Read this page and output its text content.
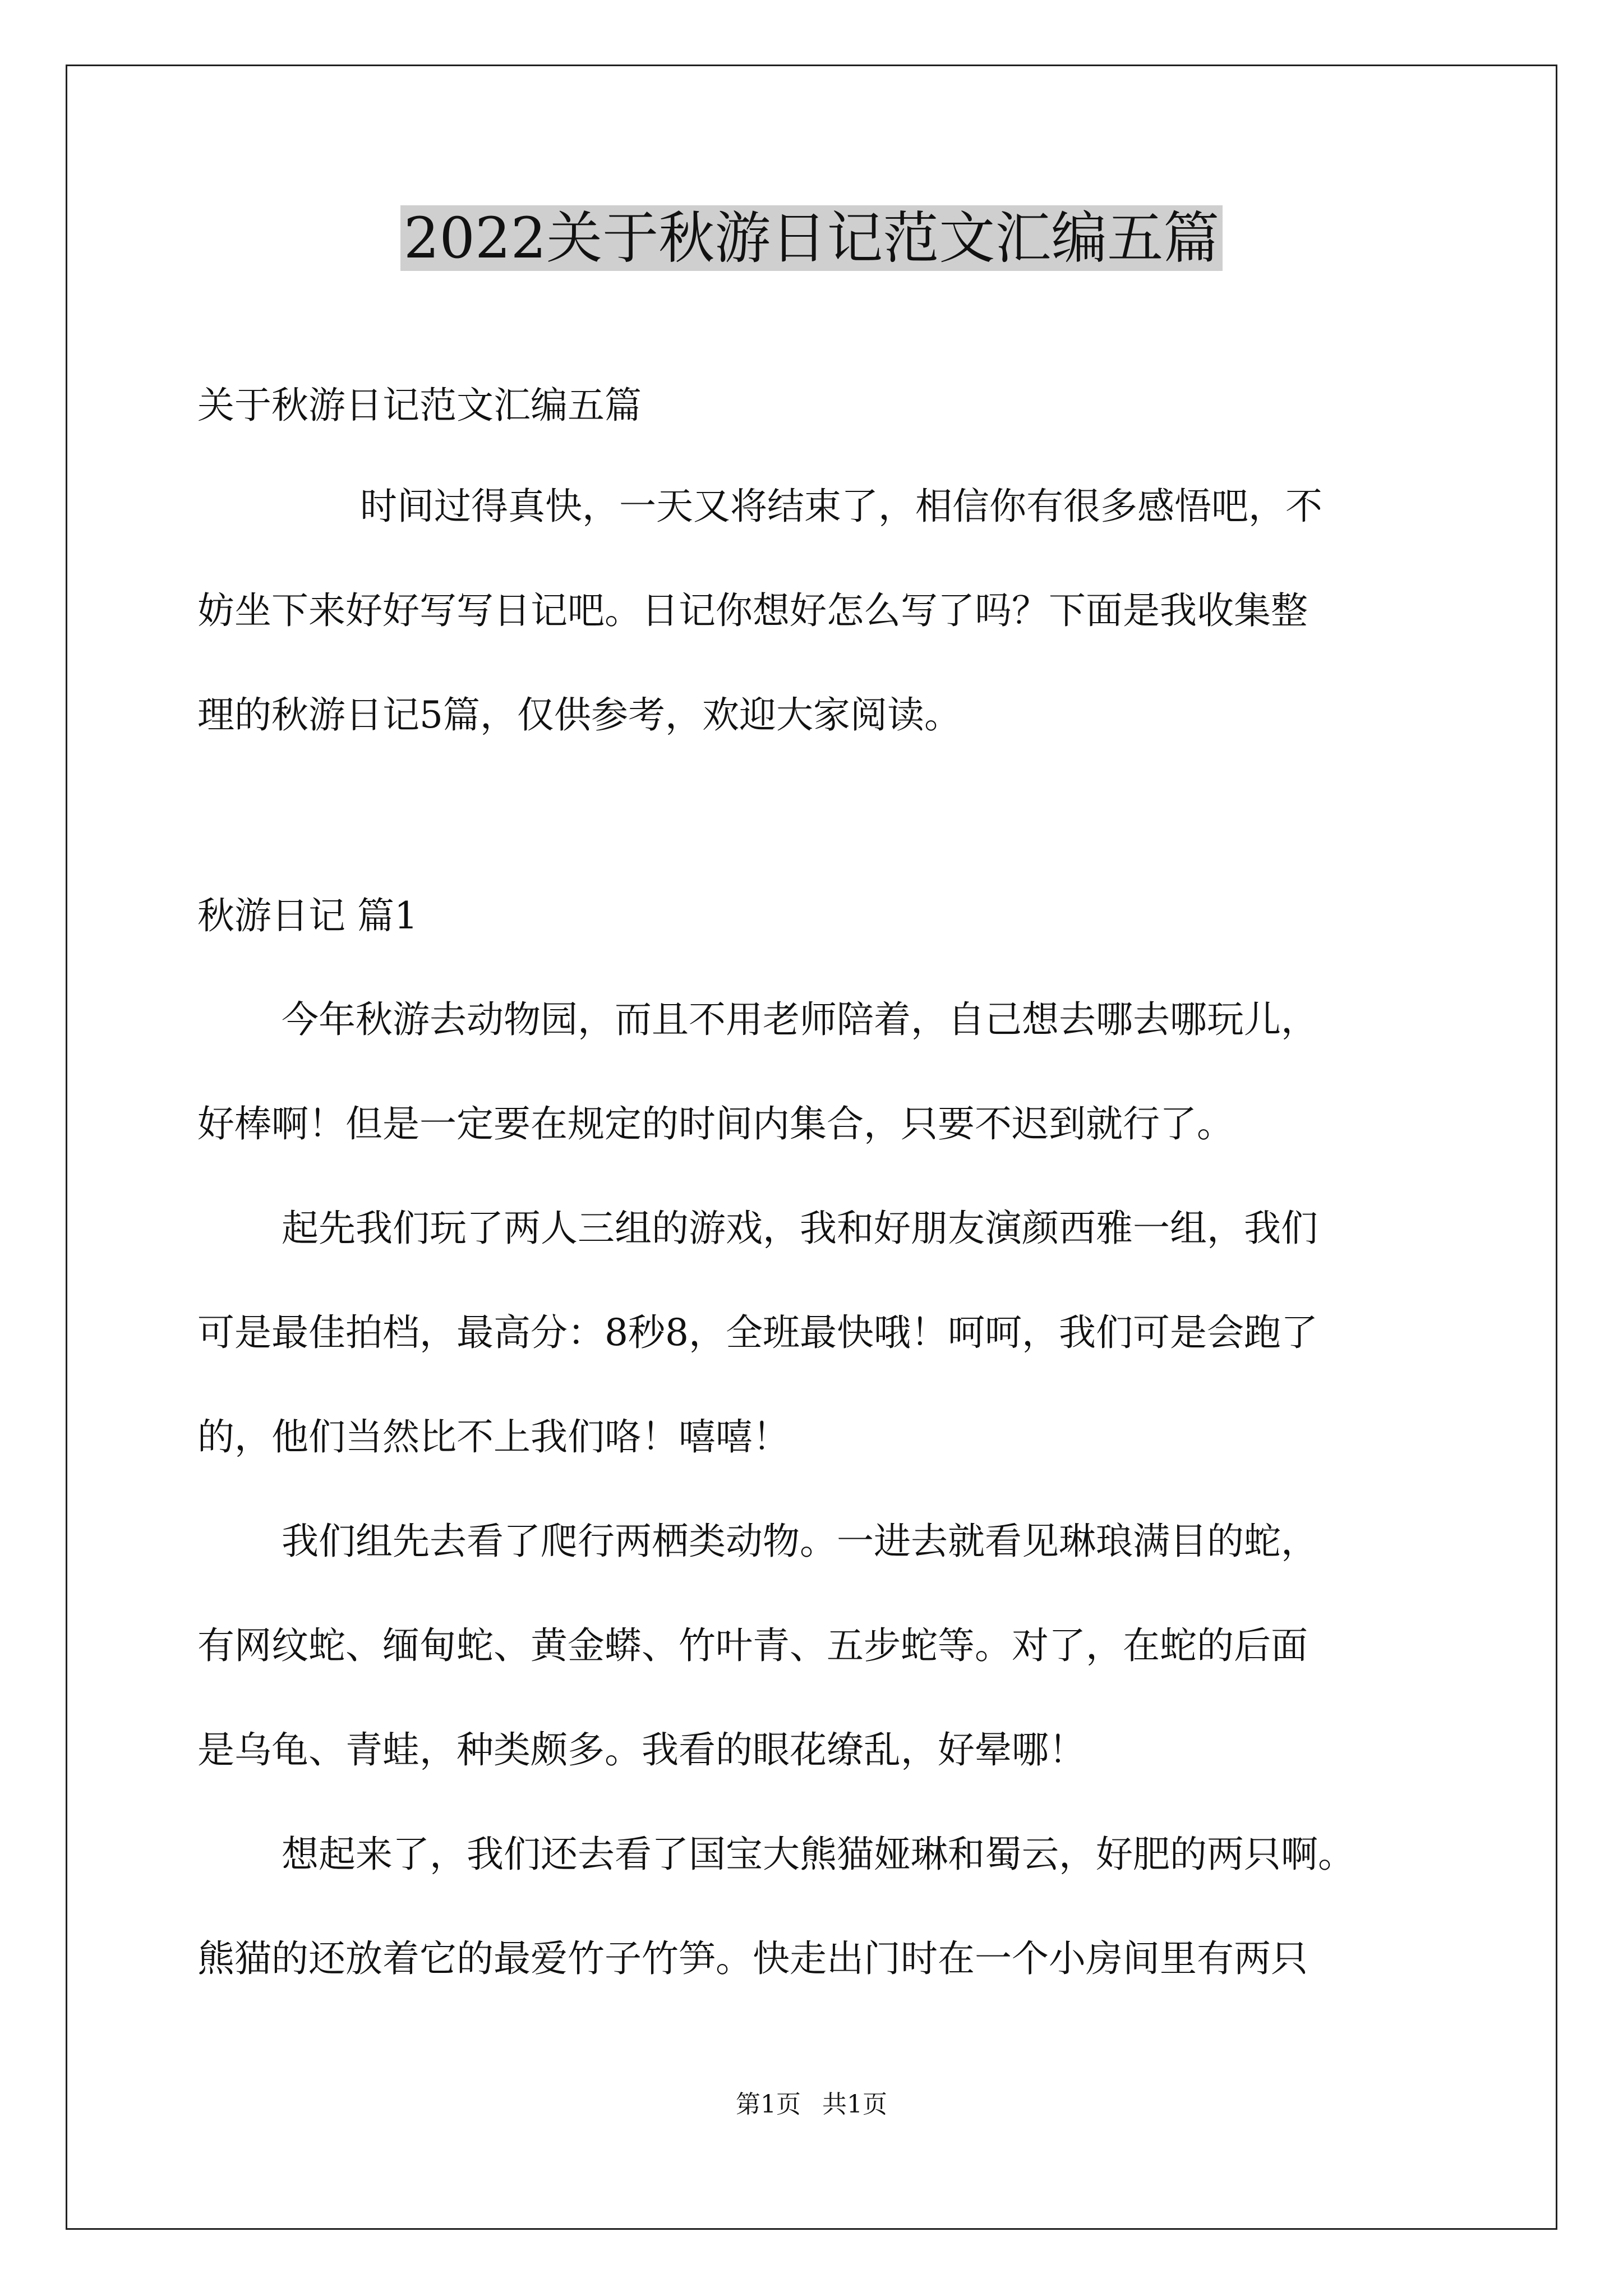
2022关于秋游日记范文汇编五篇

关于秋游日记范文汇编五篇

时间过得真快，一天又将结束了，相信你有很多感悟吧，不

妨坐下来好好写写日记吧。日记你想好怎么写了吗？下面是我收集整

理的秋游日记5篇，仅供参考，欢迎大家阅读。

秋游日记 篇1

今年秋游去动物园，而且不用老师陪着，自己想去哪去哪玩儿，

好棒啊！但是一定要在规定的时间内集合，只要不迟到就行了。

起先我们玩了两人三组的游戏，我和好朋友演颜西雅一组，我们

可是最佳拍档，最高分：8秒8，全班最快哦！呵呵，我们可是会跑了

的，他们当然比不上我们咯！嘻嘻！

我们组先去看了爬行两栖类动物。一进去就看见琳琅满目的蛇，

有网纹蛇、缅甸蛇、黄金蟒、竹叶青、五步蛇等。对了，在蛇的后面

是乌龟、青蛙，种类颇多。我看的眼花缭乱，好晕哪！

想起来了，我们还去看了国宝大熊猫娅琳和蜀云，好肥的两只啊。

熊猫的还放着它的最爱竹子竹笋。快走出门时在一个小房间里有两只

第1页 共1页
